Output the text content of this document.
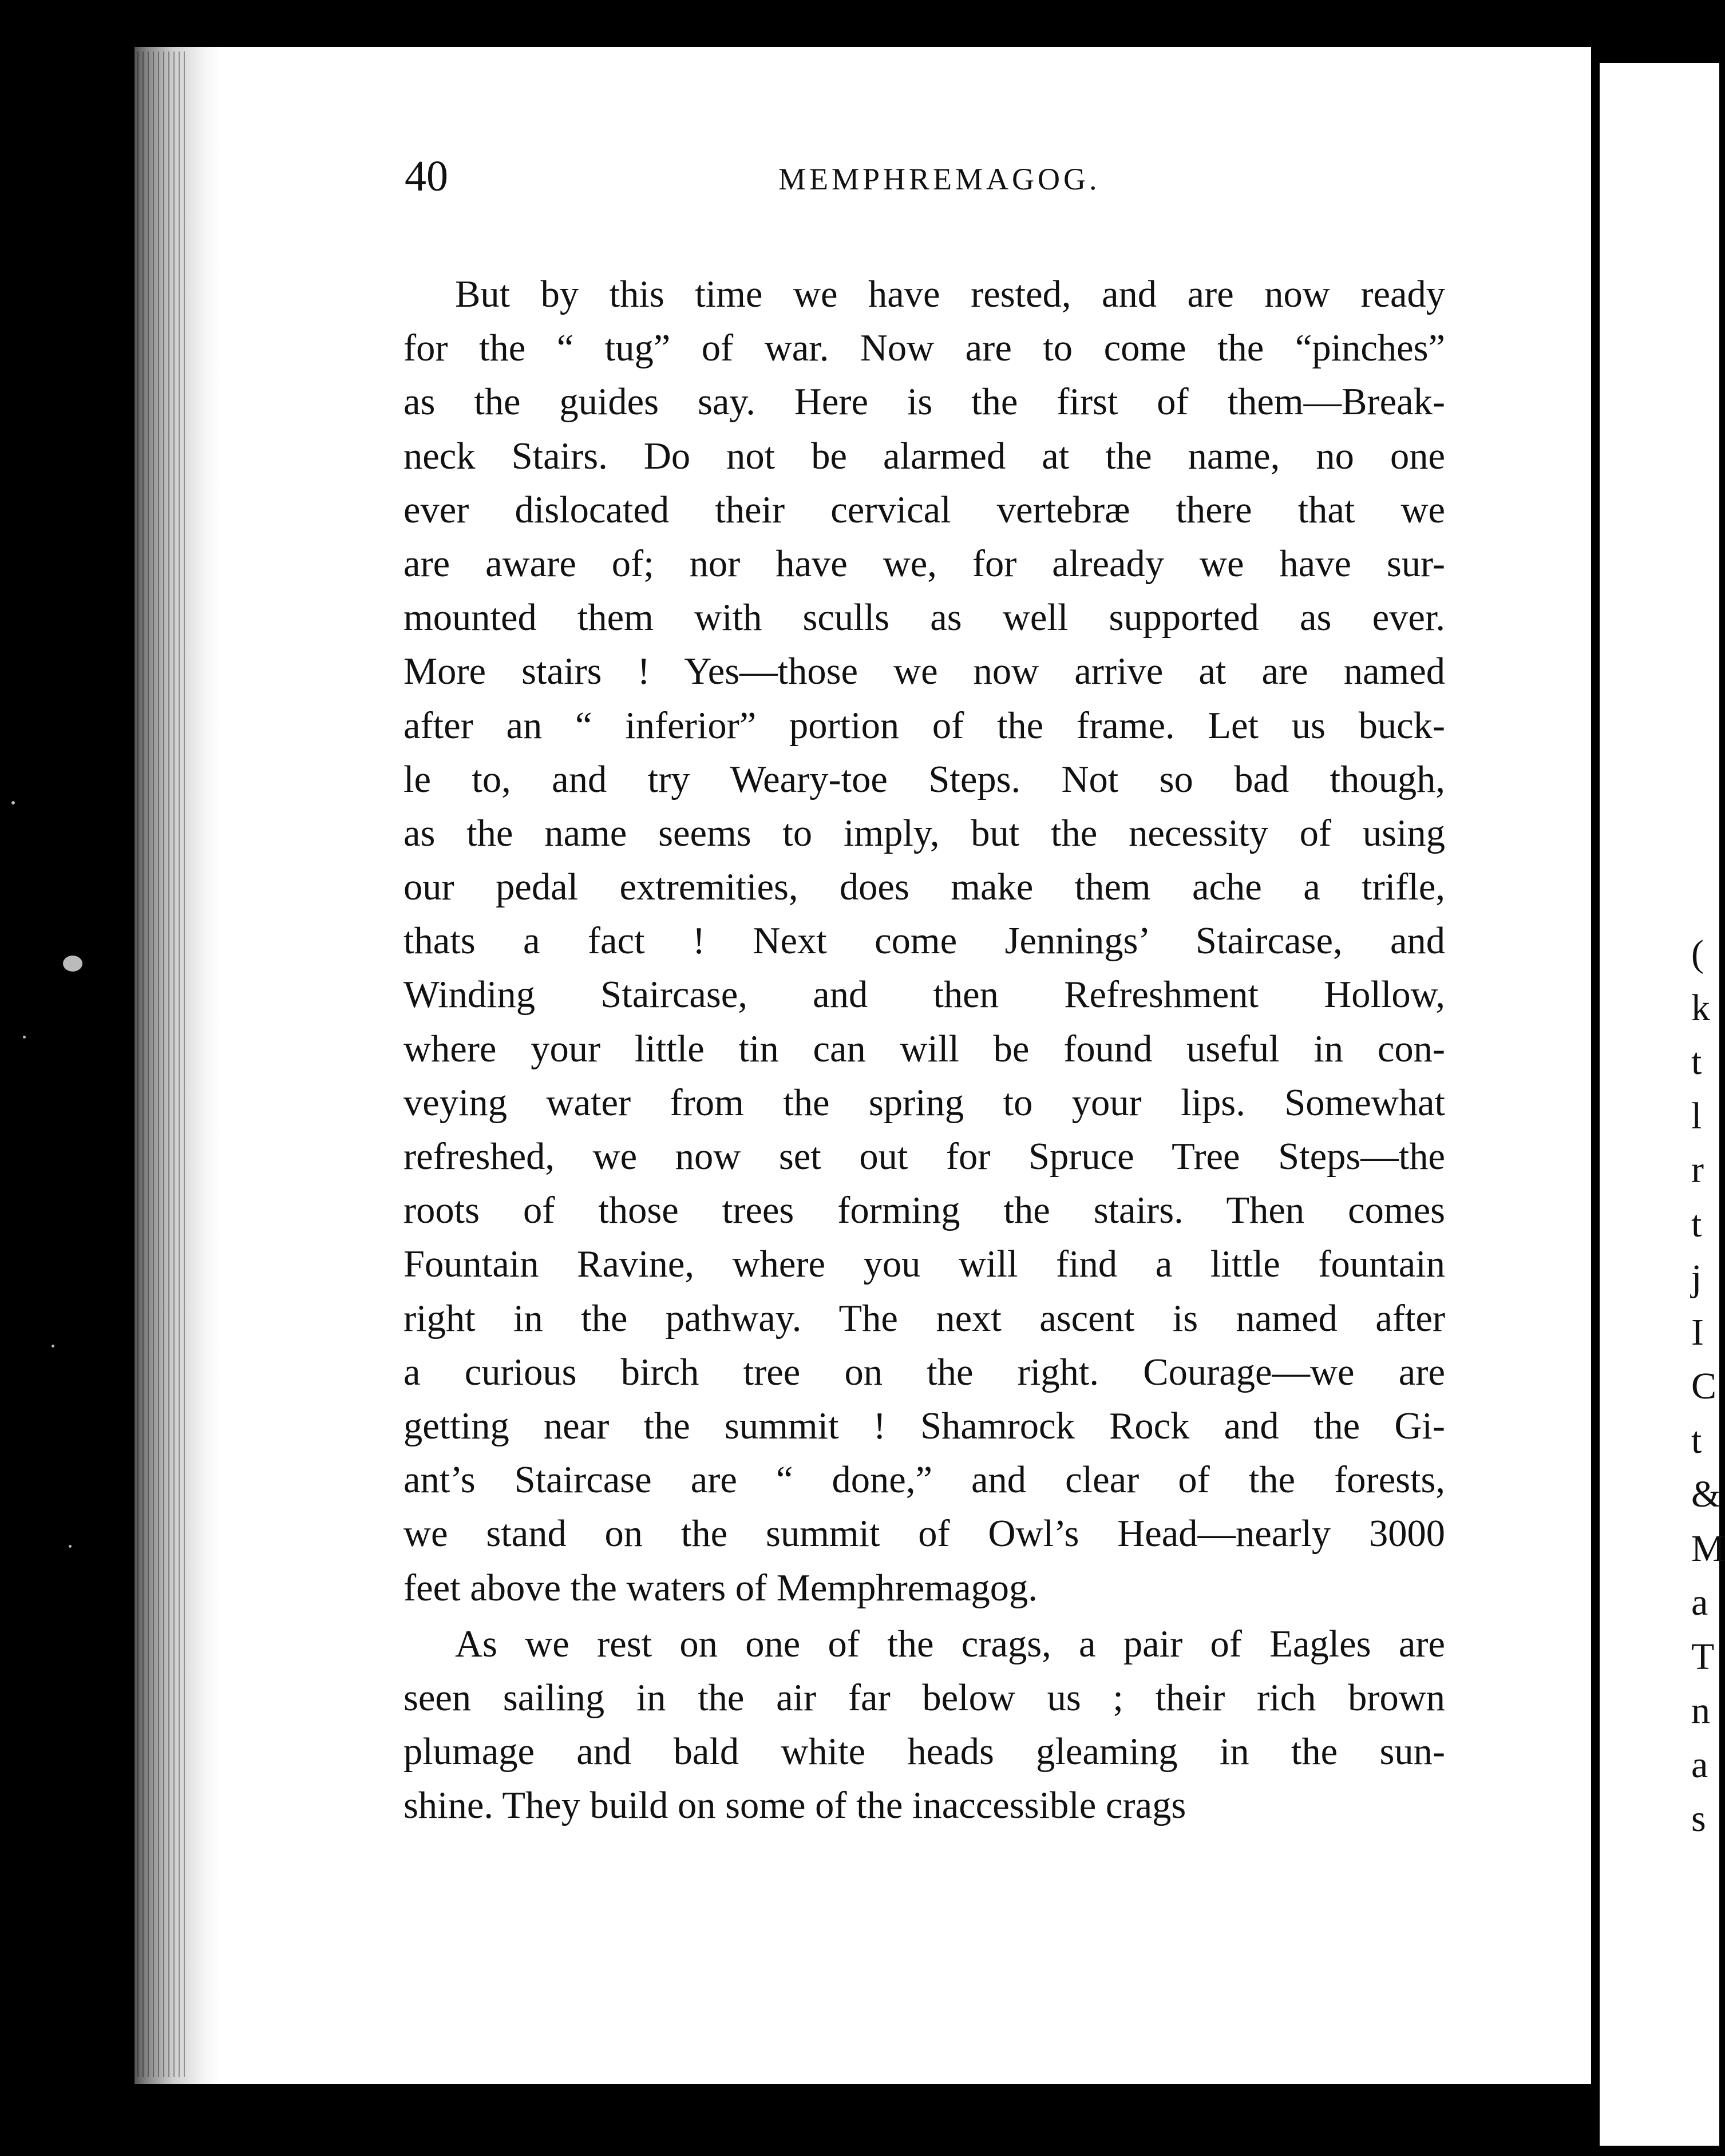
(
k
t
l
r
t
j
I
C
t
&
M
a
T
n
a
s
40	MEMPHREMAGOG.
But by this time we have rested, and are now ready
for the “ tug” of war. Now are to come the “pinches”
as the guides say. Here is the first of them—Break-
neck Stairs. Do not be alarmed at the name, no one
ever dislocated their cervical vertebræ there that we
are aware of; nor have we, for already we have sur-
mounted them with sculls as well supported as ever.
More stairs ! Yes—those we now arrive at are named
after an “ inferior” portion of the frame. Let us buck-
le to, and try Weary-toe Steps. Not so bad though,
as the name seems to imply, but the necessity of using
our pedal extremities, does make them ache a trifle,
thats a fact ! Next come Jennings’ Staircase, and
Winding Staircase, and then Refreshment Hollow,
where your little tin can will be found useful in con-
veying water from the spring to your lips. Somewhat
refreshed, we now set out for Spruce Tree Steps—the
roots of those trees forming the stairs. Then comes
Fountain Ravine, where you will find a little fountain
right in the pathway. The next ascent is named after
a curious birch tree on the right. Courage—we are
getting near the summit ! Shamrock Rock and the Gi-
ant’s Staircase are “ done,” and clear of the forests,
we stand on the summit of Owl’s Head—nearly 3000
feet above the waters of Memphremagog.
As we rest on one of the crags, a pair of Eagles are
seen sailing in the air far below us ; their rich brown
plumage and bald white heads gleaming in the sun-
shine. They build on some of the inaccessible crags
